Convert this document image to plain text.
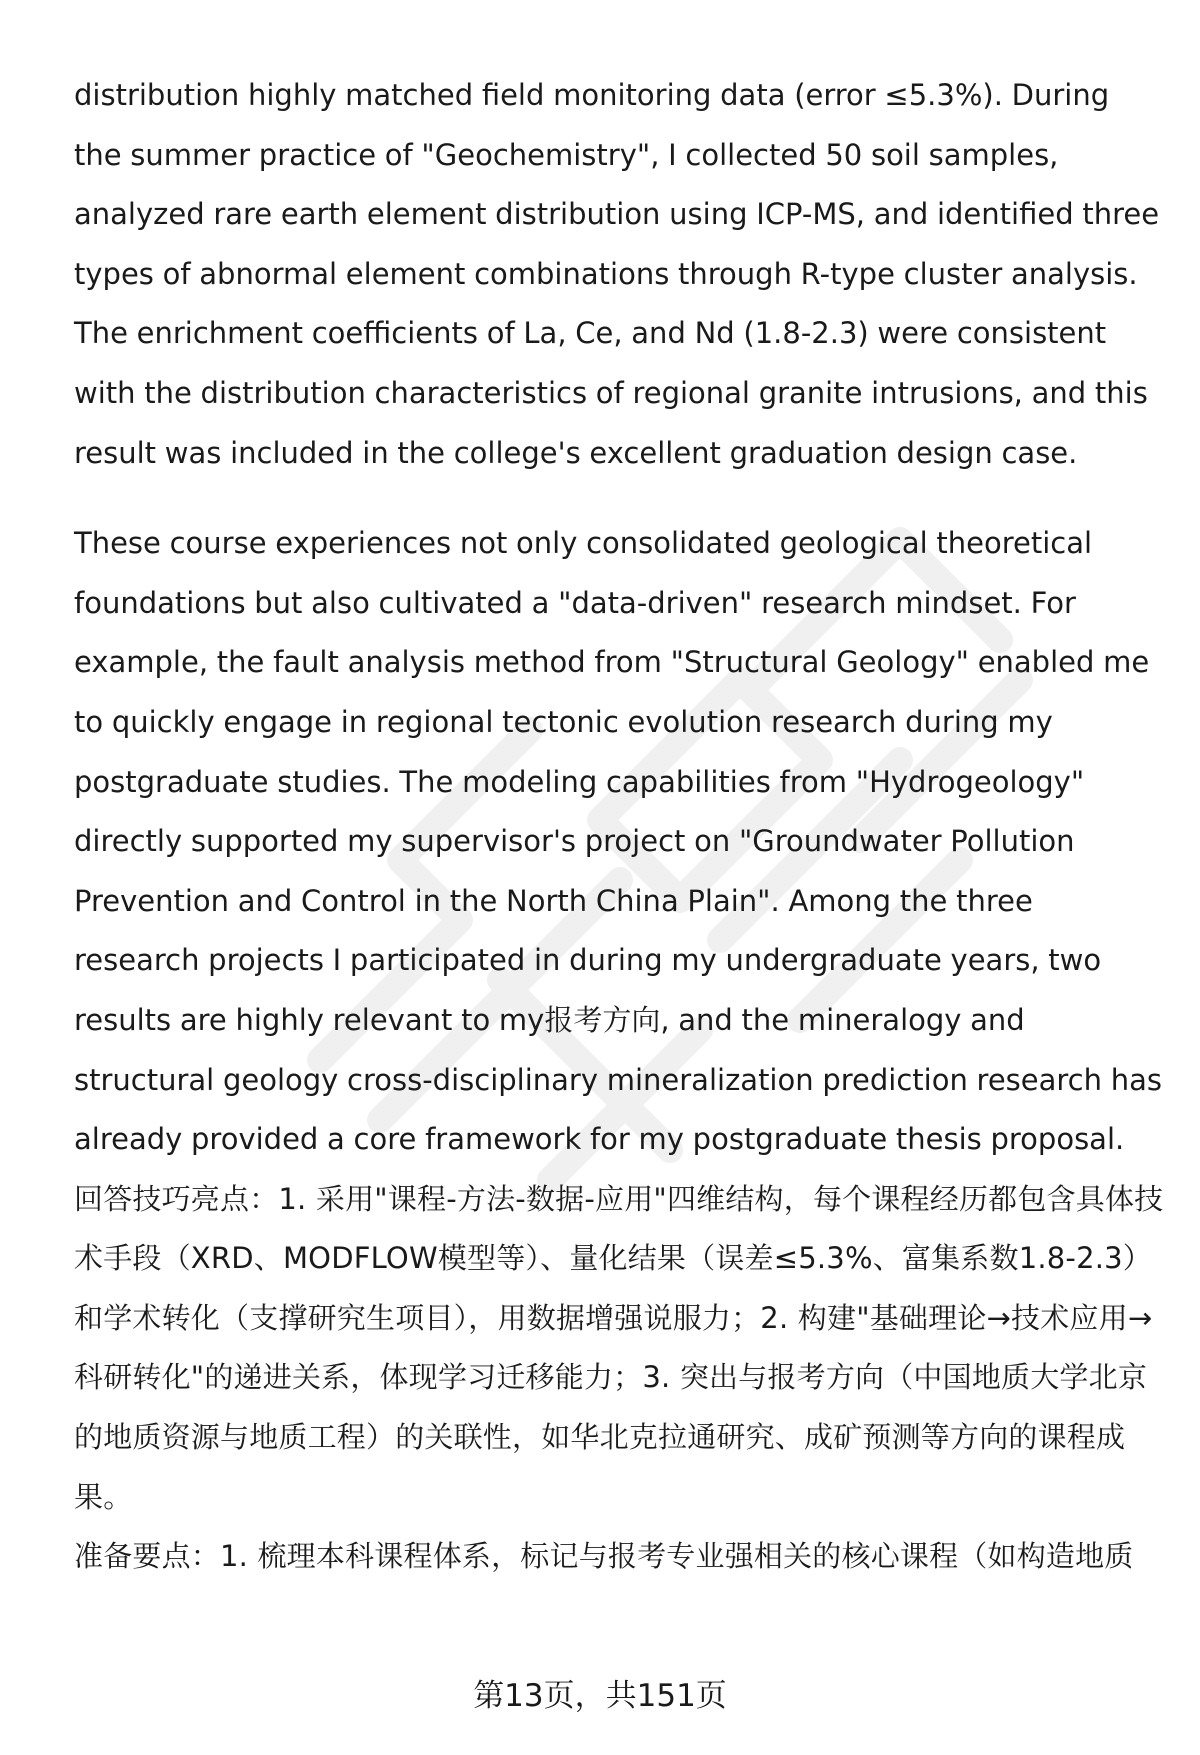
distribution highly matched field monitoring data (error ≤5.3%). During the summer practice of "Geochemistry", I collected 50 soil samples, analyzed rare earth element distribution using ICP-MS, and identified three types of abnormal element combinations through R-type cluster analysis. The enrichment coefficients of La, Ce, and Nd (1.8-2.3) were consistent with the distribution characteristics of regional granite intrusions, and this result was included in the college's excellent graduation design case.

These course experiences not only consolidated geological theoretical foundations but also cultivated a "data-driven" research mindset. For example, the fault analysis method from "Structural Geology" enabled me to quickly engage in regional tectonic evolution research during my postgraduate studies. The modeling capabilities from "Hydrogeology" directly supported my supervisor's project on "Groundwater Pollution Prevention and Control in the North China Plain". Among the three research projects I participated in during my undergraduate years, two results are highly relevant to my报考方向, and the mineralogy and structural geology cross-disciplinary mineralization prediction research has already provided a core framework for my postgraduate thesis proposal.

回答技巧亮点：1. 采用"课程-方法-数据-应用"四维结构，每个课程经历都包含具体技术手段（XRD、MODFLOW模型等）、量化结果（误差≤5.3%、富集系数1.8-2.3）和学术转化（支撑研究生项目），用数据增强说服力；2. 构建"基础理论→技术应用→科研转化"的递进关系，体现学习迁移能力；3. 突出与报考方向（中国地质大学北京的地质资源与地质工程）的关联性，如华北克拉通研究、成矿预测等方向的课程成果。

准备要点：1. 梳理本科课程体系，标记与报考专业强相关的核心课程（如构造地质

第13页，共151页
